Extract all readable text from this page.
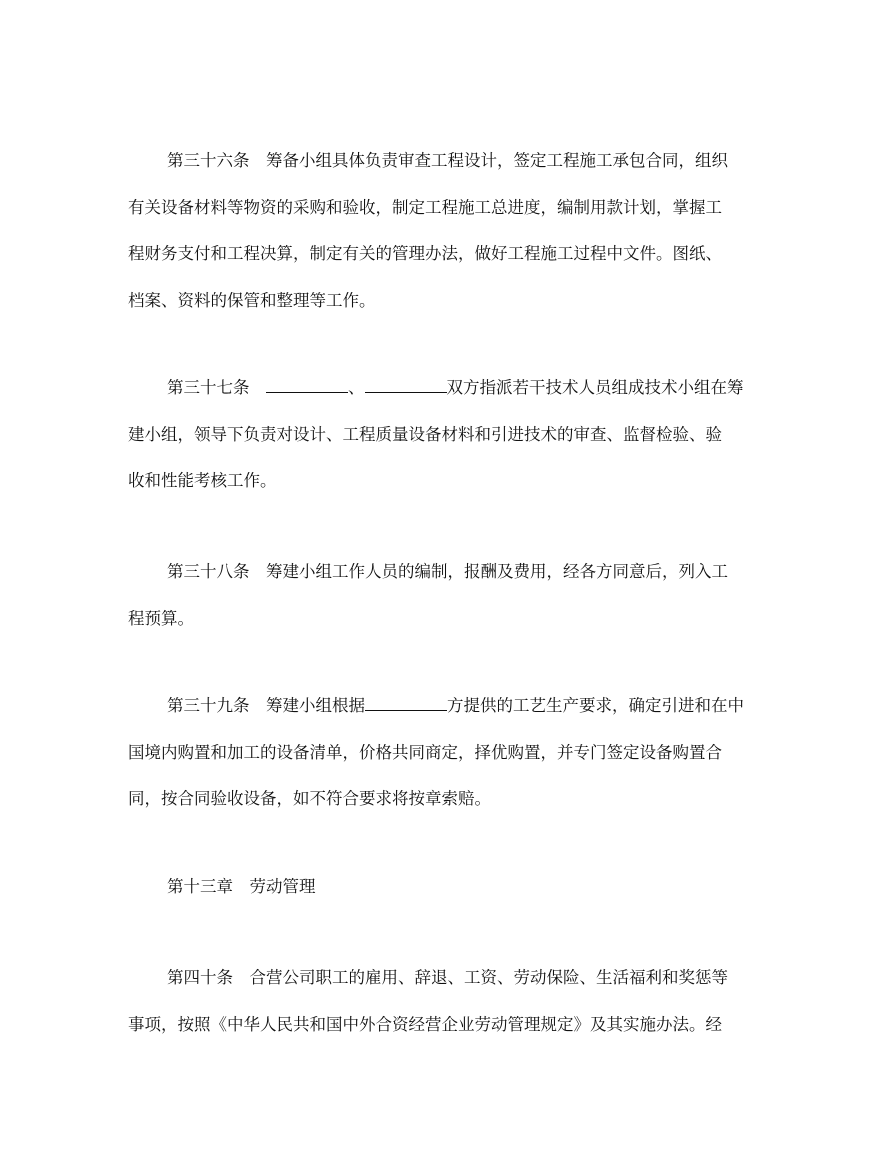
第三十六条　筹备小组具体负责审查工程设计，签定工程施工承包合同，组织
有关设备材料等物资的采购和验收，制定工程施工总进度，编制用款计划，掌握工
程财务支付和工程决算，制定有关的管理办法，做好工程施工过程中文件。图纸、
档案、资料的保管和整理等工作。
第三十七条　	、	双方指派若干技术人员组成技术小组在筹
建小组，领导下负责对设计、工程质量设备材料和引进技术的审查、监督检验、验
收和性能考核工作。
第三十八条　筹建小组工作人员的编制，报酬及费用，经各方同意后，列入工
程预算。
第三十九条　筹建小组根据	方提供的工艺生产要求，确定引进和在中
国境内购置和加工的设备清单，价格共同商定，择优购置，并专门签定设备购置合
同，按合同验收设备，如不符合要求将按章索赔。
第十三章　劳动管理
第四十条　合营公司职工的雇用、辞退、工资、劳动保险、生活福利和奖惩等
事项，按照《中华人民共和国中外合资经营企业劳动管理规定》及其实施办法。经
